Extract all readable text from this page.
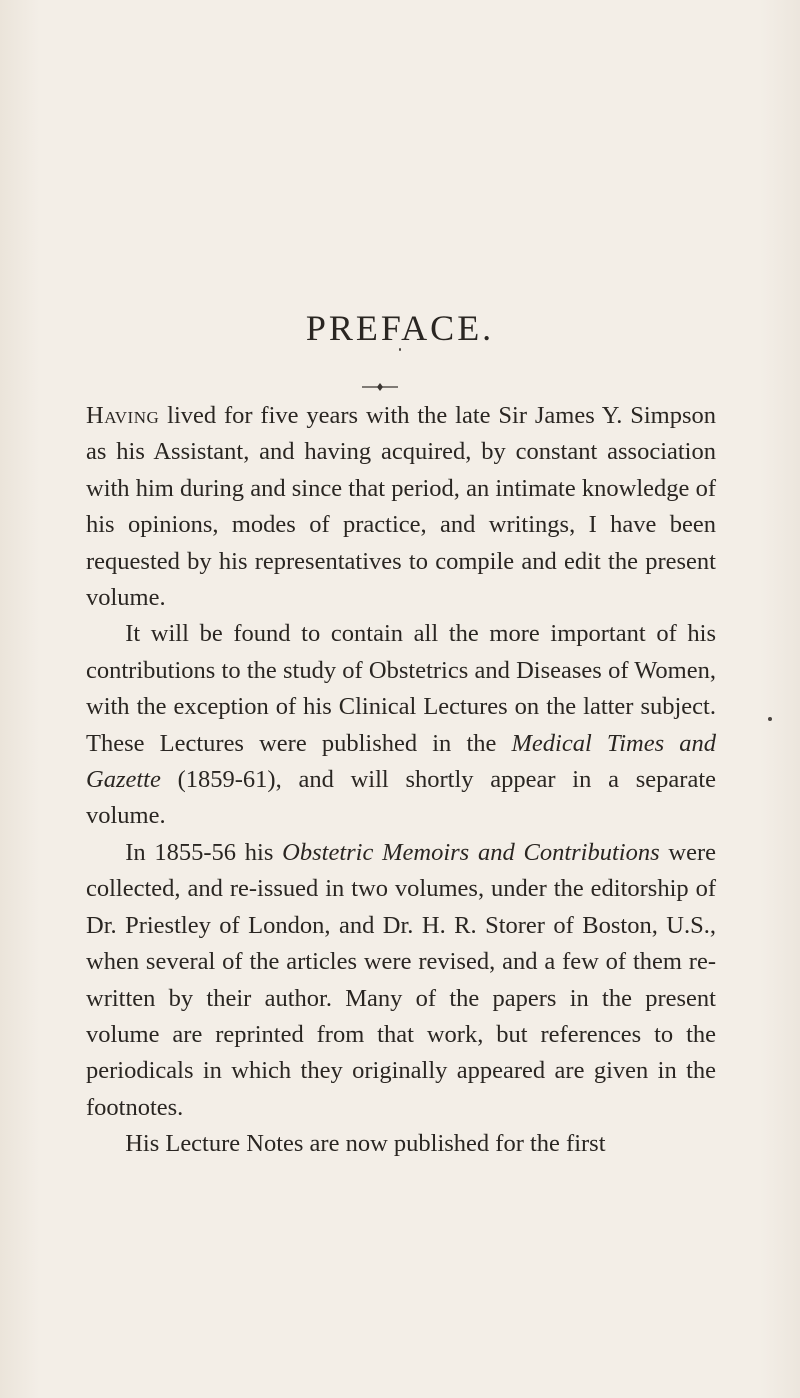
PREFACE.

Having lived for five years with the late Sir James Y. Simpson as his Assistant, and having acquired, by constant association with him during and since that period, an intimate knowledge of his opinions, modes of practice, and writings, I have been requested by his representatives to compile and edit the present volume.

It will be found to contain all the more important of his contributions to the study of Obstetrics and Diseases of Women, with the exception of his Clinical Lectures on the latter subject. These Lectures were published in the Medical Times and Gazette (1859-61), and will shortly appear in a separate volume.

In 1855-56 his Obstetric Memoirs and Contributions were collected, and re-issued in two volumes, under the editorship of Dr. Priestley of London, and Dr. H. R. Storer of Boston, U.S., when several of the articles were revised, and a few of them re-written by their author. Many of the papers in the present volume are reprinted from that work, but references to the periodicals in which they originally appeared are given in the footnotes.

His Lecture Notes are now published for the first
